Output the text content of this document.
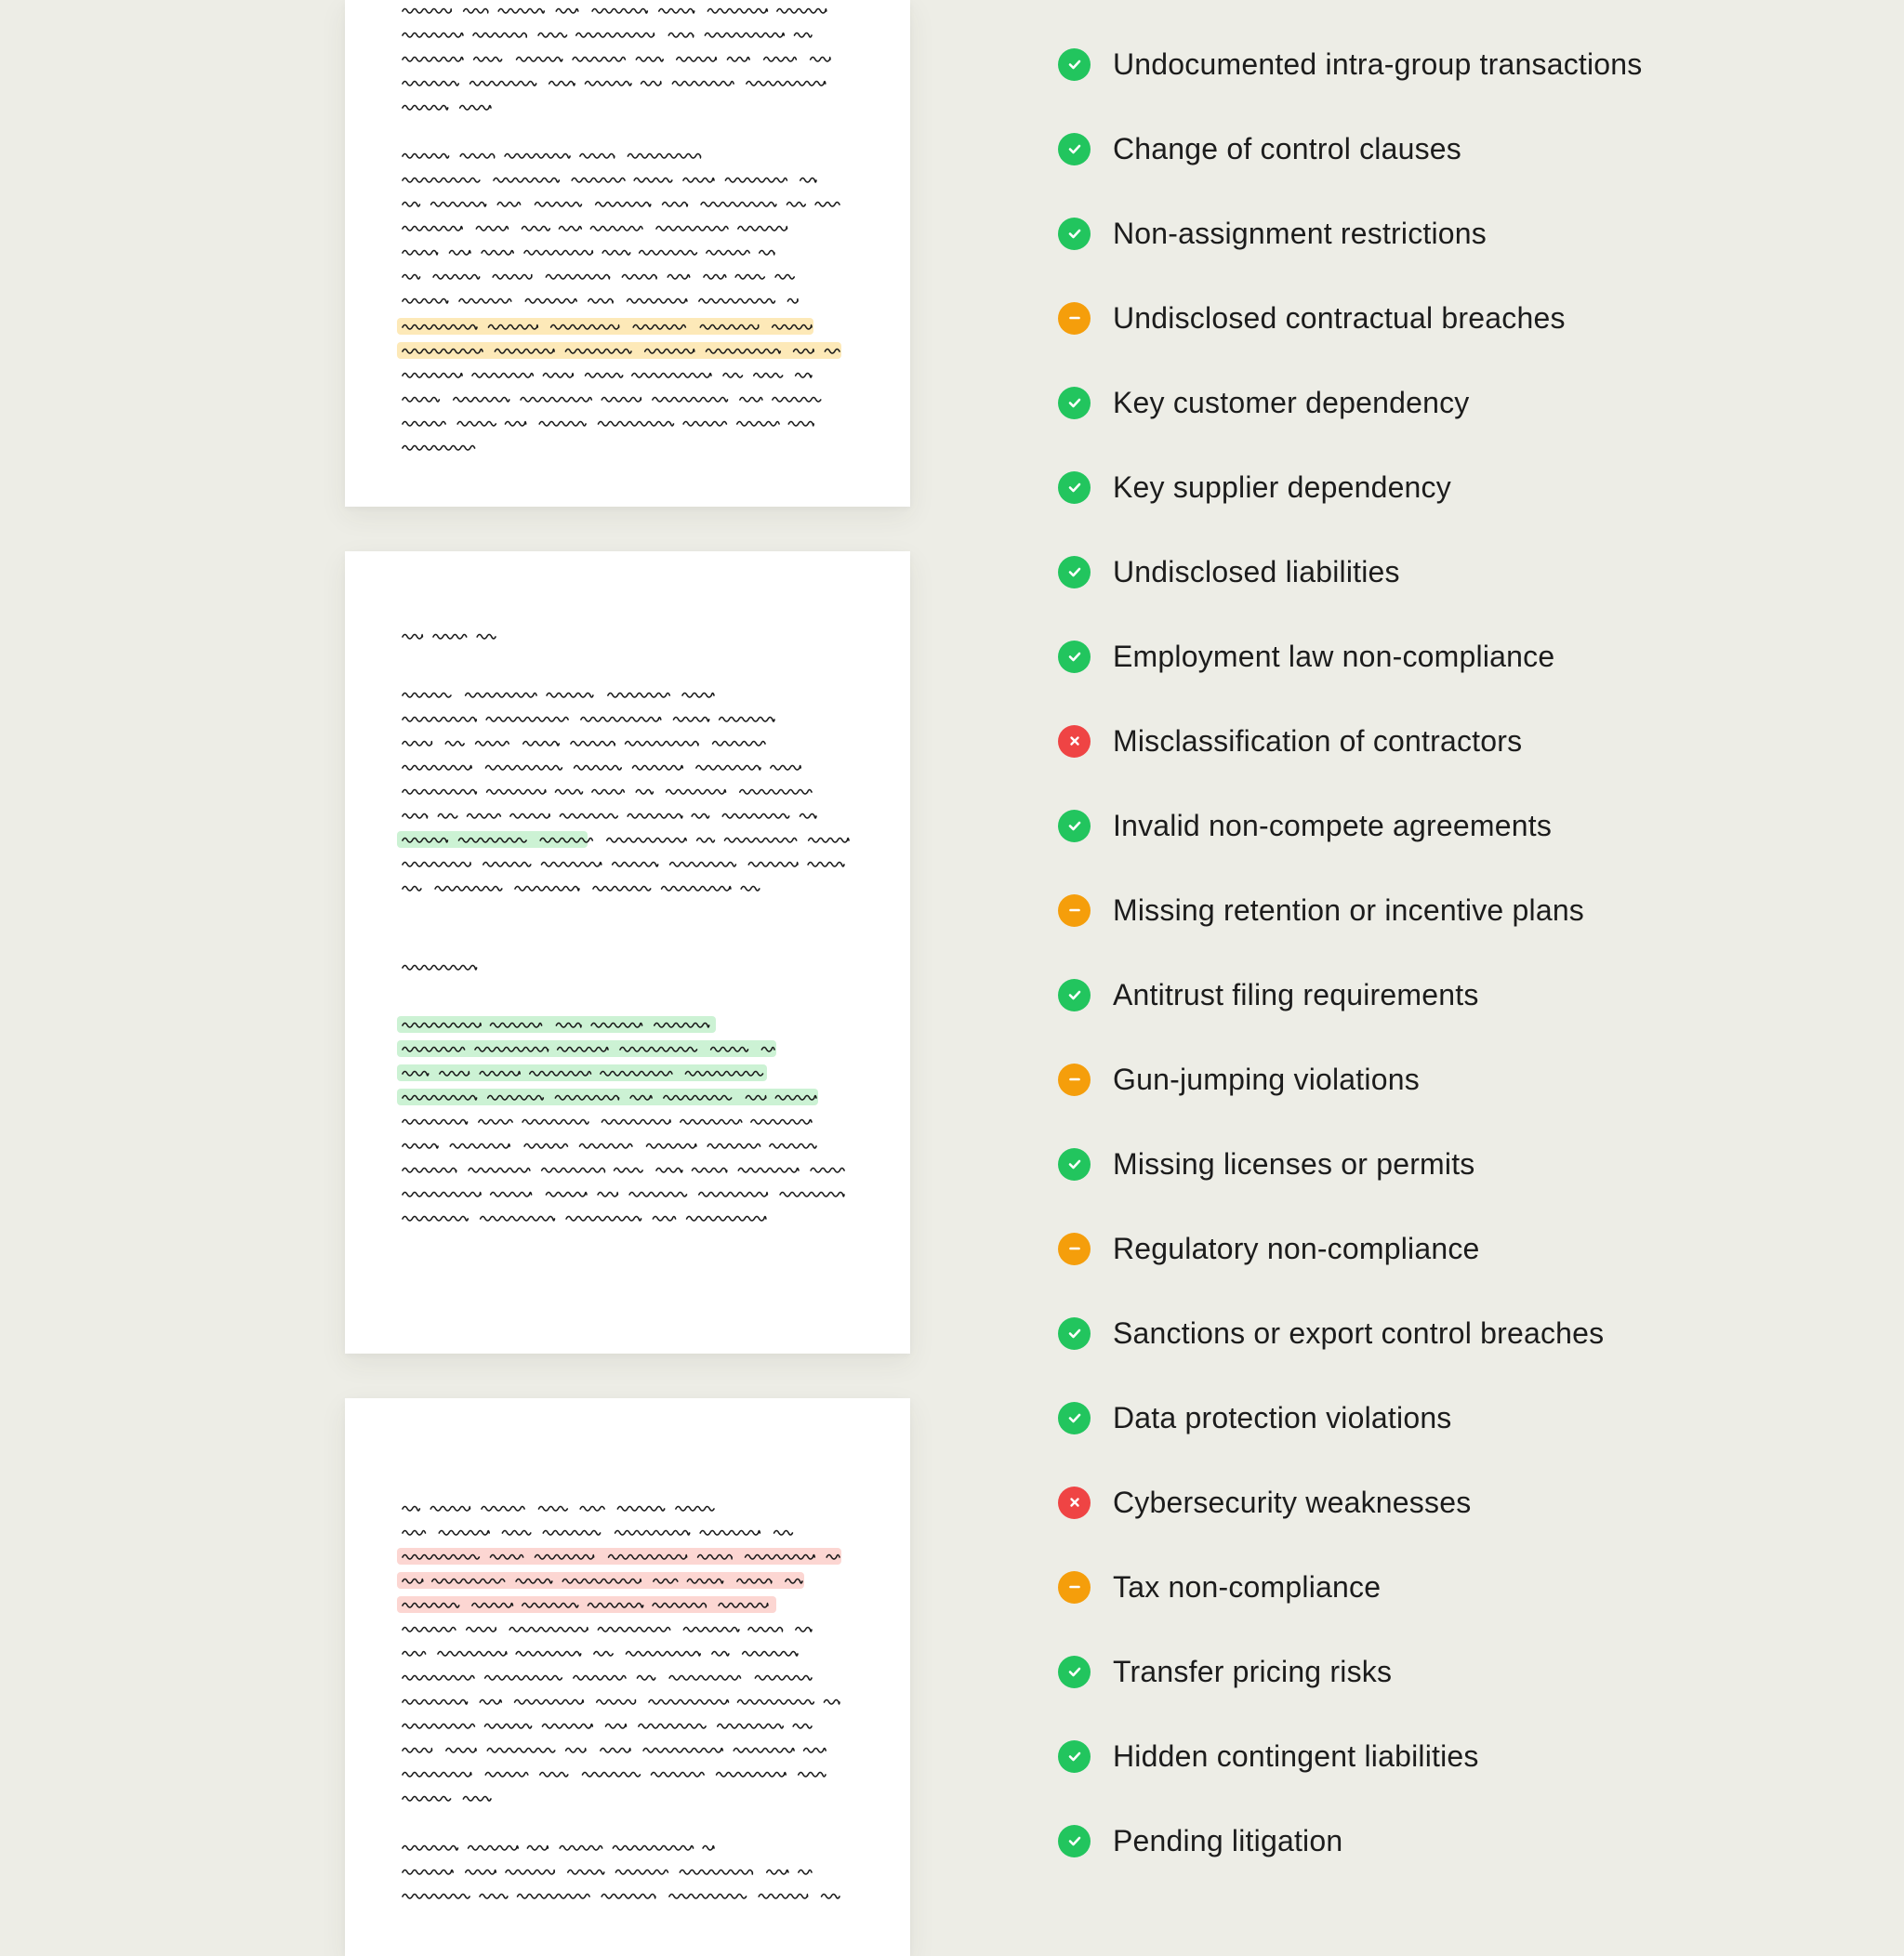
Undocumented intra-group transactions
Change of control clauses
Non-assignment restrictions
Undisclosed contractual breaches
Key customer dependency
Key supplier dependency
Undisclosed liabilities
Employment law non-compliance
Misclassification of contractors
Invalid non-compete agreements
Missing retention or incentive plans
Antitrust filing requirements
Gun-jumping violations
Missing licenses or permits
Regulatory non-compliance
Sanctions or export control breaches
Data protection violations
Cybersecurity weaknesses
Tax non-compliance
Transfer pricing risks
Hidden contingent liabilities
Pending litigation
